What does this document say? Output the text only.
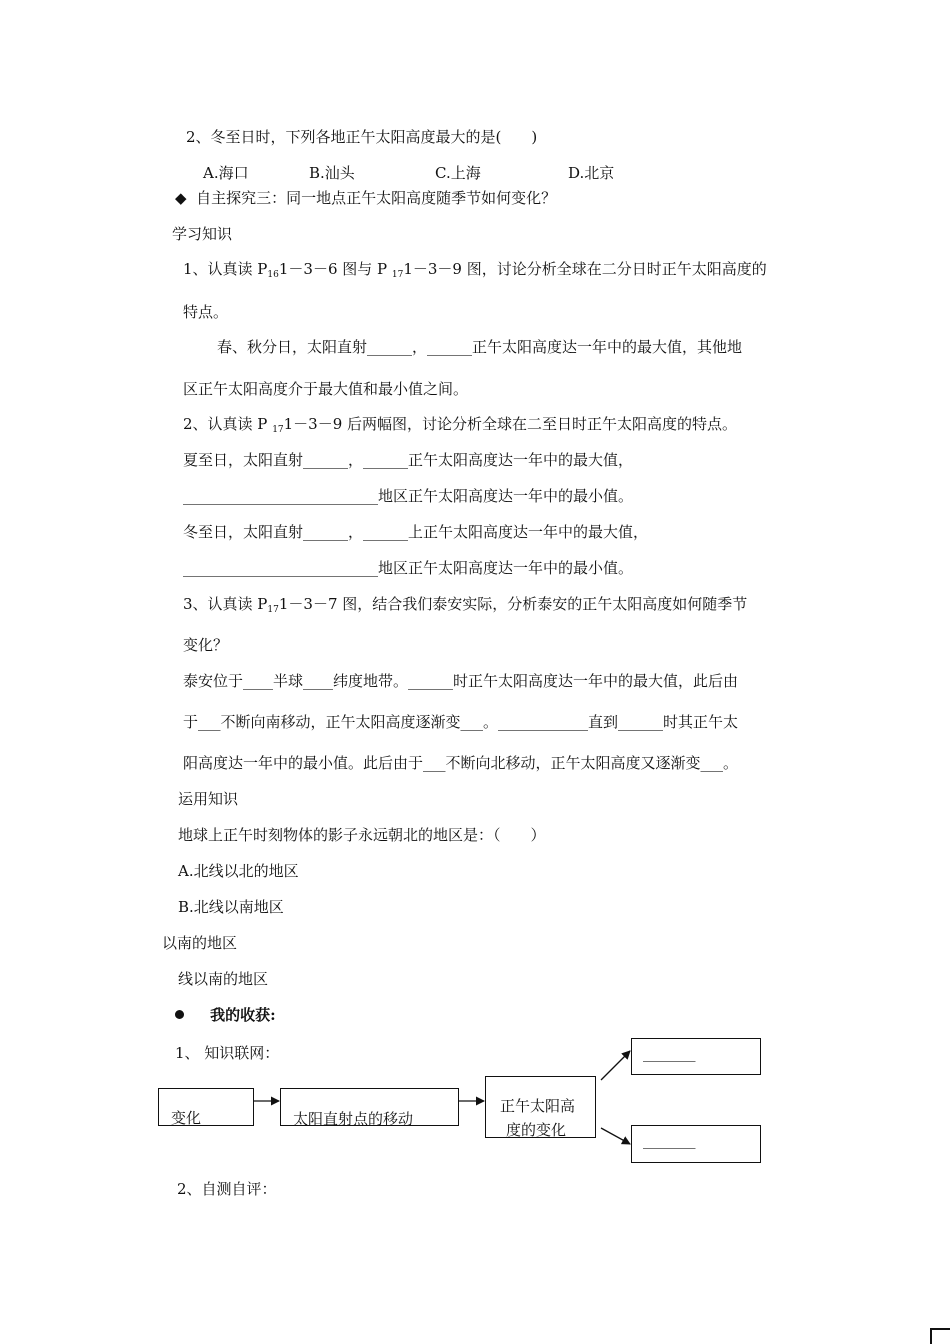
2、冬至日时，下列各地正午太阳高度最大的是(　　)
A.海口	B.汕头	C.上海	D.北京
◆ 自主探究三：同一地点正午太阳高度随季节如何变化？
学习知识
1、认真读 $P_{16}1-3-6$ 图与 P $_{17}$1－3－9 图，讨论分析全球在二分日时正午太阳高度的
特点。
春、秋分日，太阳直射______，______正午太阳高度达一年中的最大值，其他地
区正午太阳高度介于最大值和最小值之间。
2、认真读 P $_{17}$1－3－9 后两幅图，讨论分析全球在二至日时正午太阳高度的特点。
夏至日，太阳直射______，______正午太阳高度达一年中的最大值，
__________________________地区正午太阳高度达一年中的最小值。
冬至日，太阳直射______，______上正午太阳高度达一年中的最大值，
__________________________地区正午太阳高度达一年中的最小值。
3、认真读 $P_{17}1-3-7$ 图，结合我们泰安实际，分析泰安的正午太阳高度如何随季节
变化？
泰安位于____半球____纬度地带。______时正午太阳高度达一年中的最大值，此后由
于___不断向南移动，正午太阳高度逐渐变___。____________直到______时其正午太
阳高度达一年中的最小值。此后由于___不断向北移动，正午太阳高度又逐渐变___。
运用知识
地球上正午时刻物体的影子永远朝北的地区是：（　　）
A.北线以北的地区
B.北线以南地区
以南的地区
线以南的地区
我的收获:
1、 知识联网：
变化	太阳直射点的移动
正午太阳高
度的变化
_______
_______
2、自测自评：
